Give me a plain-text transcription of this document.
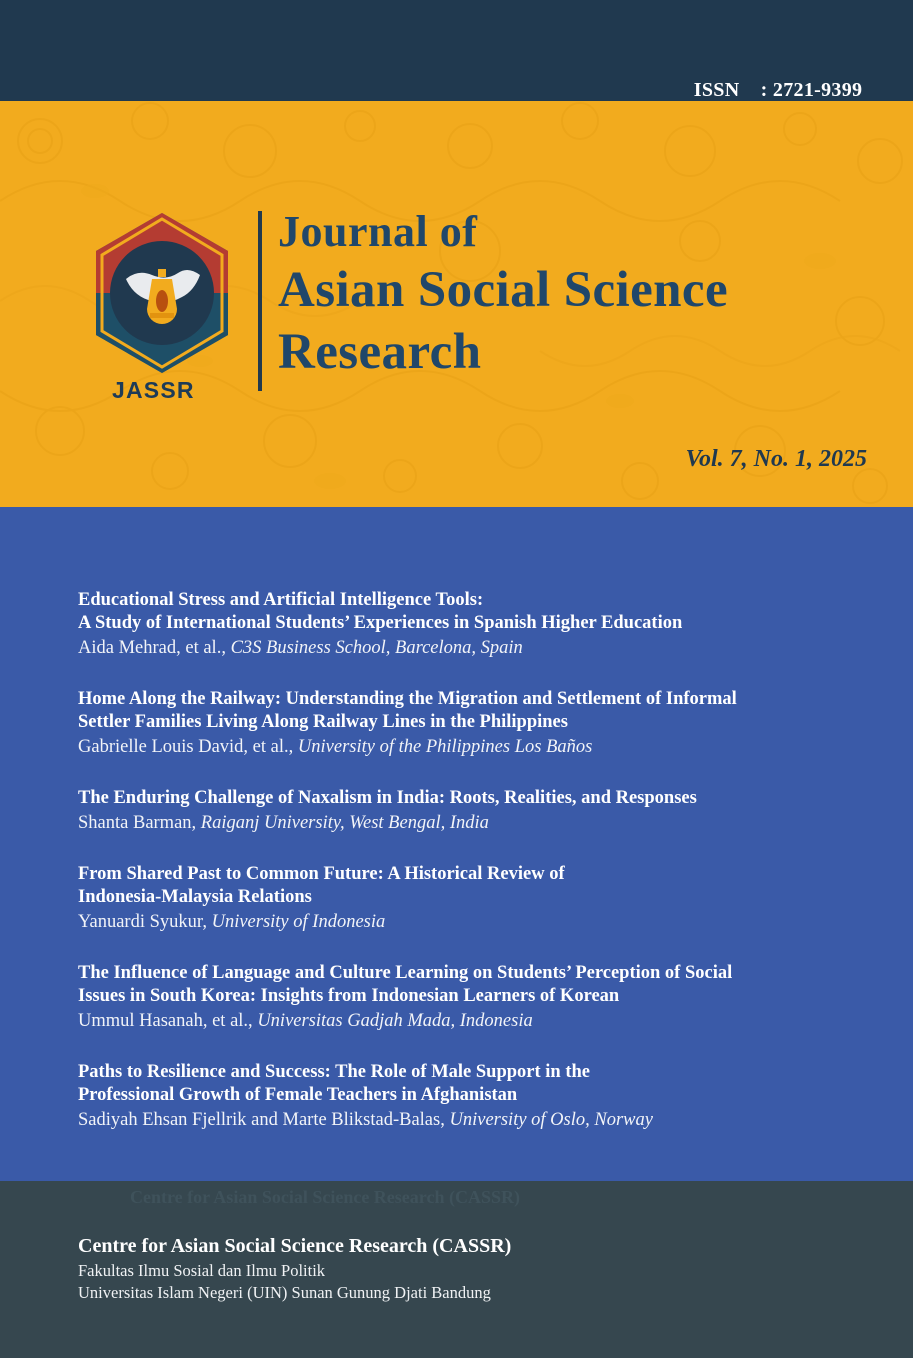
ISSN : 2721-9399

JASSR
Journal of
Asian Social Science
Research
Vol. 7, No. 1, 2025
Educational Stress and Artificial Intelligence Tools:
A Study of International Students’ Experiences in Spanish Higher Education
Aida Mehrad, et al., C3S Business School, Barcelona, Spain
Home Along the Railway: Understanding the Migration and Settlement of Informal
Settler Families Living Along Railway Lines in the Philippines
Gabrielle Louis David, et al., University of the Philippines Los Baños
The Enduring Challenge of Naxalism in India: Roots, Realities, and Responses
Shanta Barman, Raiganj University, West Bengal, India
From Shared Past to Common Future: A Historical Review of
Indonesia-Malaysia Relations
Yanuardi Syukur, University of Indonesia
The Influence of Language and Culture Learning on Students’ Perception of Social
Issues in South Korea: Insights from Indonesian Learners of Korean
Ummul Hasanah, et al., Universitas Gadjah Mada, Indonesia
Paths to Resilience and Success: The Role of Male Support in the
Professional Growth of Female Teachers in Afghanistan
Sadiyah Ehsan Fjellrik and Marte Blikstad-Balas, University of Oslo, Norway
Centre for Asian Social Science Research (CASSR)
Centre for Asian Social Science Research (CASSR)
Fakultas Ilmu Sosial dan Ilmu Politik
Universitas Islam Negeri (UIN) Sunan Gunung Djati Bandung
